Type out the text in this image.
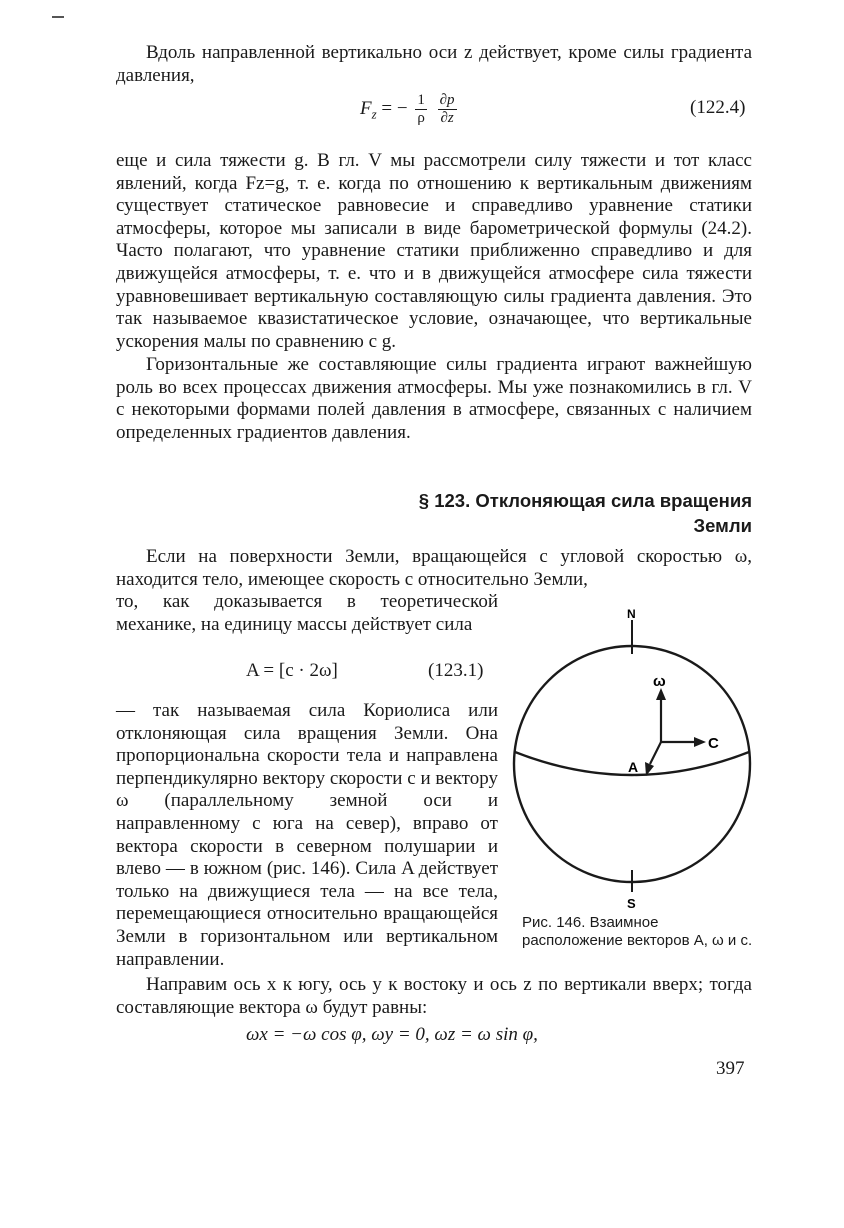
Вдоль направленной вертикально оси z действует, кроме силы градиента давления,

$F_z$ = − $\frac{1}{\rho}$
$\frac{\partial p}{\partial z}$	(122.4)

еще и сила тяжести g. В гл. V мы рассмотрели силу тяжести и тот класс явлений, когда Fz=g, т. е. когда по отношению к вертикальным движениям существует статическое равновесие и справедливо уравнение статики атмосферы, которое мы записали в виде барометрической формулы (24.2). Часто полагают, что уравнение статики приближенно справедливо и для движущейся атмосферы, т. е. что и в движущейся атмосфере сила тяжести уравновешивает вертикальную составляющую силы градиента давления. Это так называемое квазистатическое условие, означающее, что вертикальные ускорения малы по сравнению с g.

Горизонтальные же составляющие силы градиента играют важнейшую роль во всех процессах движения атмосферы. Мы уже познакомились в гл. V с некоторыми формами полей давления в атмосфере, связанных с наличием определенных градиентов давления.

§ 123. Отклоняющая сила вращения
Земли

Если на поверхности Земли, вращающейся с угловой скоростью ω, находится тело, имеющее скорость c относительно Земли,

то, как доказывается в теоретической механике, на единицу массы действует сила

A = [c · 2ω]	(123.1)

— так называемая сила Кориолиса или отклоняющая сила вращения Земли. Она пропорциональна скорости тела и направлена перпендикулярно вектору скорости c и вектору ω (параллельному земной оси и направленному с юга на север), вправо от вектора скорости в северном полушарии и влево — в южном (рис. 146). Сила A действует только на движущиеся тела — на все тела, перемещающиеся относительно вращающейся Земли в горизонтальном или вертикальном направлении.

N
S
ω
C
A

Рис. 146. Взаимное расположение векторов A, ω и c.

Направим ось x к югу, ось y к востоку и ось z по вертикали вверх; тогда составляющие вектора ω будут равны:

ωx = −ω cos φ, ωy = 0, ωz = ω sin φ,
397
